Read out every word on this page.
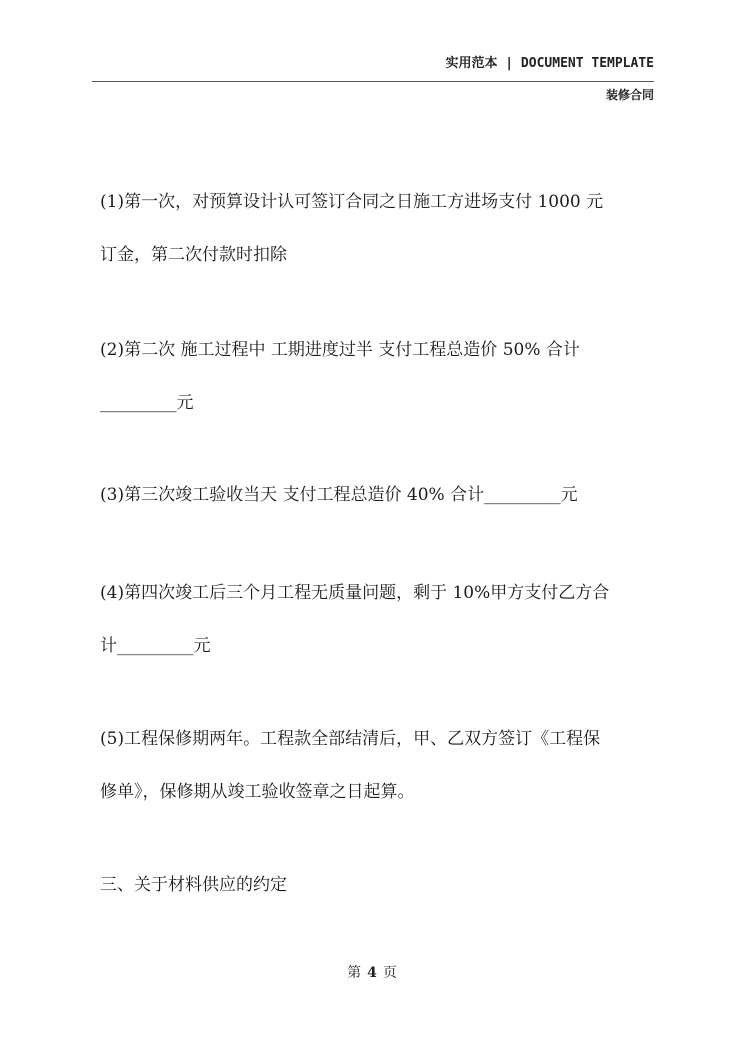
实用范本 | DOCUMENT TEMPLATE
装修合同
(1)第一次，对预算设计认可签订合同之日施工方进场支付 1000 元
订金，第二次付款时扣除
(2)第二次 施工过程中 工期进度过半 支付工程总造价 50% 合计
_________元
(3)第三次竣工验收当天 支付工程总造价 40% 合计_________元
(4)第四次竣工后三个月工程无质量问题，剩于 10%甲方支付乙方合
计_________元
(5)工程保修期两年。工程款全部结清后，甲、乙双方签订《工程保
修单》，保修期从竣工验收签章之日起算。
三、关于材料供应的约定
第 4 页
